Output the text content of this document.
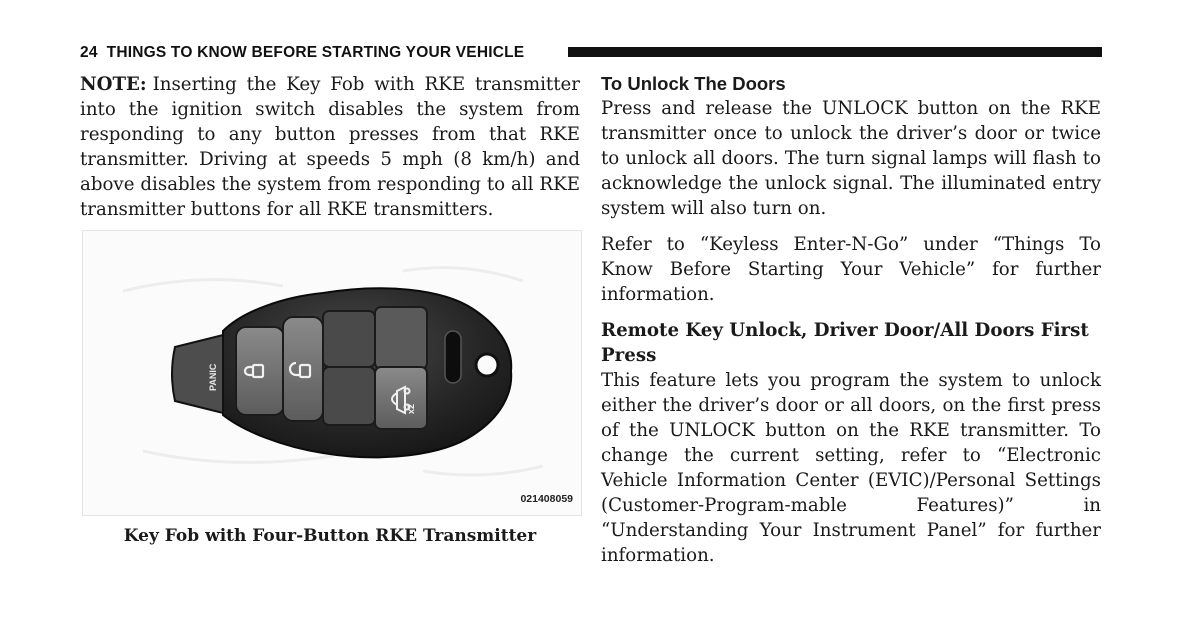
24 THINGS TO KNOW BEFORE STARTING YOUR VEHICLE

NOTE: Inserting the Key Fob with RKE transmitter into the ignition switch disables the system from responding to any button presses from that RKE transmitter. Driving at speeds 5 mph (8 km/h) and above disables the system from responding to all RKE transmitter buttons for all RKE transmitters.

PANIC
x2
021408059
Key Fob with Four-Button RKE Transmitter
To Unlock The Doors

Press and release the UNLOCK button on the RKE transmitter once to unlock the driver’s door or twice to unlock all doors. The turn signal lamps will flash to acknowledge the unlock signal. The illuminated entry system will also turn on.

Refer to “Keyless Enter-N-Go” under “Things To Know Before Starting Your Vehicle” for further information.

Remote Key Unlock, Driver Door/All Doors First Press

This feature lets you program the system to unlock either the driver’s door or all doors, on the first press of the UNLOCK button on the RKE transmitter. To change the current setting, refer to “Electronic Vehicle Information Center (EVIC)/Personal Settings (Customer-Program-mable Features)” in “Understanding Your Instrument Panel” for further information.
